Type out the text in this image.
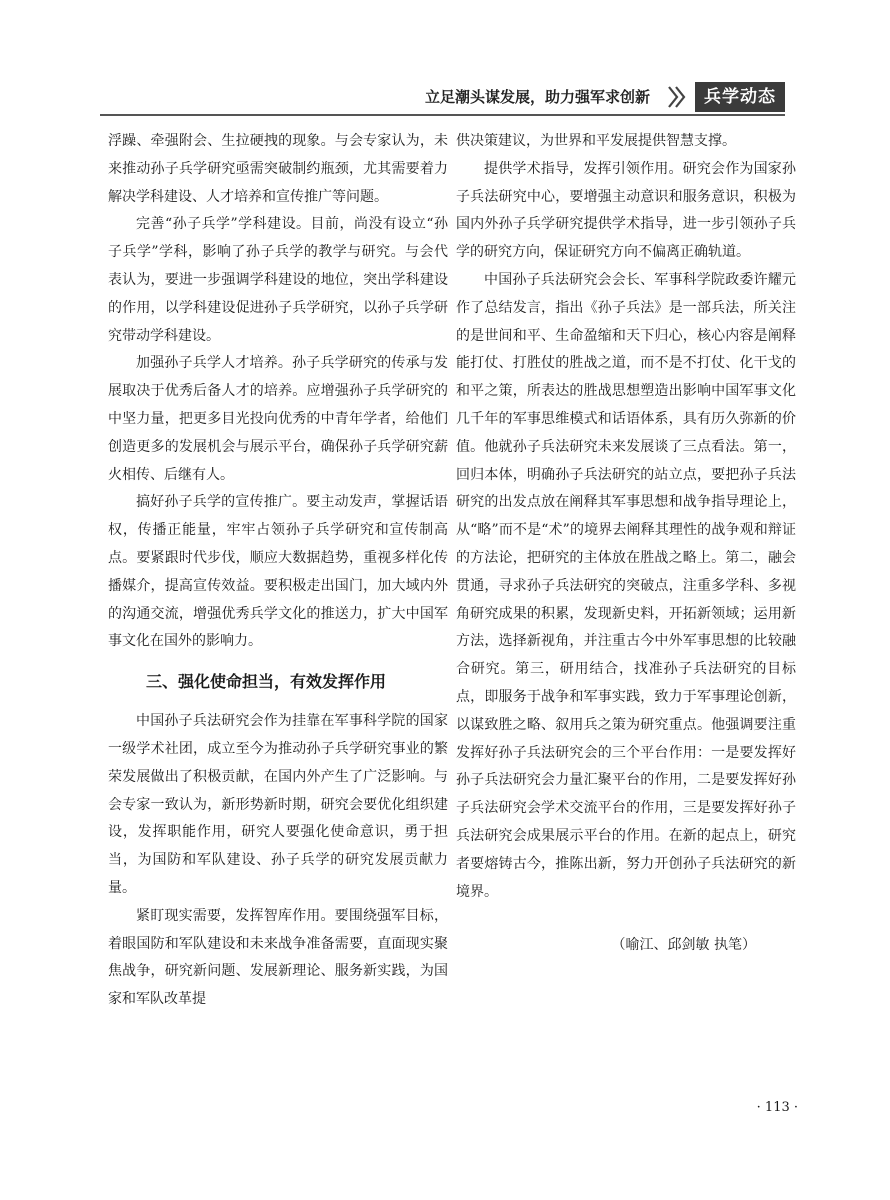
立足潮头谋发展，助力强军求创新	兵学动态

浮躁、牵强附会、生拉硬拽的现象。与会专家认为，未来推动孙子兵学研究亟需突破制约瓶颈，尤其需要着力解决学科建设、人才培养和宣传推广等问题。

完善“孙子兵学”学科建设。目前，尚没有设立“孙子兵学”学科，影响了孙子兵学的教学与研究。与会代表认为，要进一步强调学科建设的地位，突出学科建设的作用，以学科建设促进孙子兵学研究，以孙子兵学研究带动学科建设。

加强孙子兵学人才培养。孙子兵学研究的传承与发展取决于优秀后备人才的培养。应增强孙子兵学研究的中坚力量，把更多目光投向优秀的中青年学者，给他们创造更多的发展机会与展示平台，确保孙子兵学研究薪火相传、后继有人。

搞好孙子兵学的宣传推广。要主动发声，掌握话语权，传播正能量，牢牢占领孙子兵学研究和宣传制高点。要紧跟时代步伐，顺应大数据趋势，重视多样化传播媒介，提高宣传效益。要积极走出国门，加大域内外的沟通交流，增强优秀兵学文化的推送力，扩大中国军事文化在国外的影响力。

三、强化使命担当，有效发挥作用

中国孙子兵法研究会作为挂靠在军事科学院的国家一级学术社团，成立至今为推动孙子兵学研究事业的繁荣发展做出了积极贡献，在国内外产生了广泛影响。与会专家一致认为，新形势新时期，研究会要优化组织建设，发挥职能作用，研究人要强化使命意识，勇于担当，为国防和军队建设、孙子兵学的研究发展贡献力量。

紧盯现实需要，发挥智库作用。要围绕强军目标，着眼国防和军队建设和未来战争准备需要，直面现实聚焦战争，研究新问题、发展新理论、服务新实践，为国家和军队改革提

供决策建议，为世界和平发展提供智慧支撑。

提供学术指导，发挥引领作用。研究会作为国家孙子兵法研究中心，要增强主动意识和服务意识，积极为国内外孙子兵学研究提供学术指导，进一步引领孙子兵学的研究方向，保证研究方向不偏离正确轨道。

中国孙子兵法研究会会长、军事科学院政委许耀元作了总结发言，指出《孙子兵法》是一部兵法，所关注的是世间和平、生命盈缩和天下归心，核心内容是阐释能打仗、打胜仗的胜战之道，而不是不打仗、化干戈的和平之策，所表达的胜战思想塑造出影响中国军事文化几千年的军事思维模式和话语体系，具有历久弥新的价值。他就孙子兵法研究未来发展谈了三点看法。第一，回归本体，明确孙子兵法研究的站立点，要把孙子兵法研究的出发点放在阐释其军事思想和战争指导理论上，从“略”而不是“术”的境界去阐释其理性的战争观和辩证的方法论，把研究的主体放在胜战之略上。第二，融会贯通，寻求孙子兵法研究的突破点，注重多学科、多视角研究成果的积累，发现新史料，开拓新领域；运用新方法，选择新视角，并注重古今中外军事思想的比较融合研究。第三，研用结合，找准孙子兵法研究的目标点，即服务于战争和军事实践，致力于军事理论创新，以谋致胜之略、叙用兵之策为研究重点。他强调要注重发挥好孙子兵法研究会的三个平台作用：一是要发挥好孙子兵法研究会力量汇聚平台的作用，二是要发挥好孙子兵法研究会学术交流平台的作用，三是要发挥好孙子兵法研究会成果展示平台的作用。在新的起点上，研究者要熔铸古今，推陈出新，努力开创孙子兵法研究的新境界。

（喻江、邱剑敏 执笔）
· 113 ·
